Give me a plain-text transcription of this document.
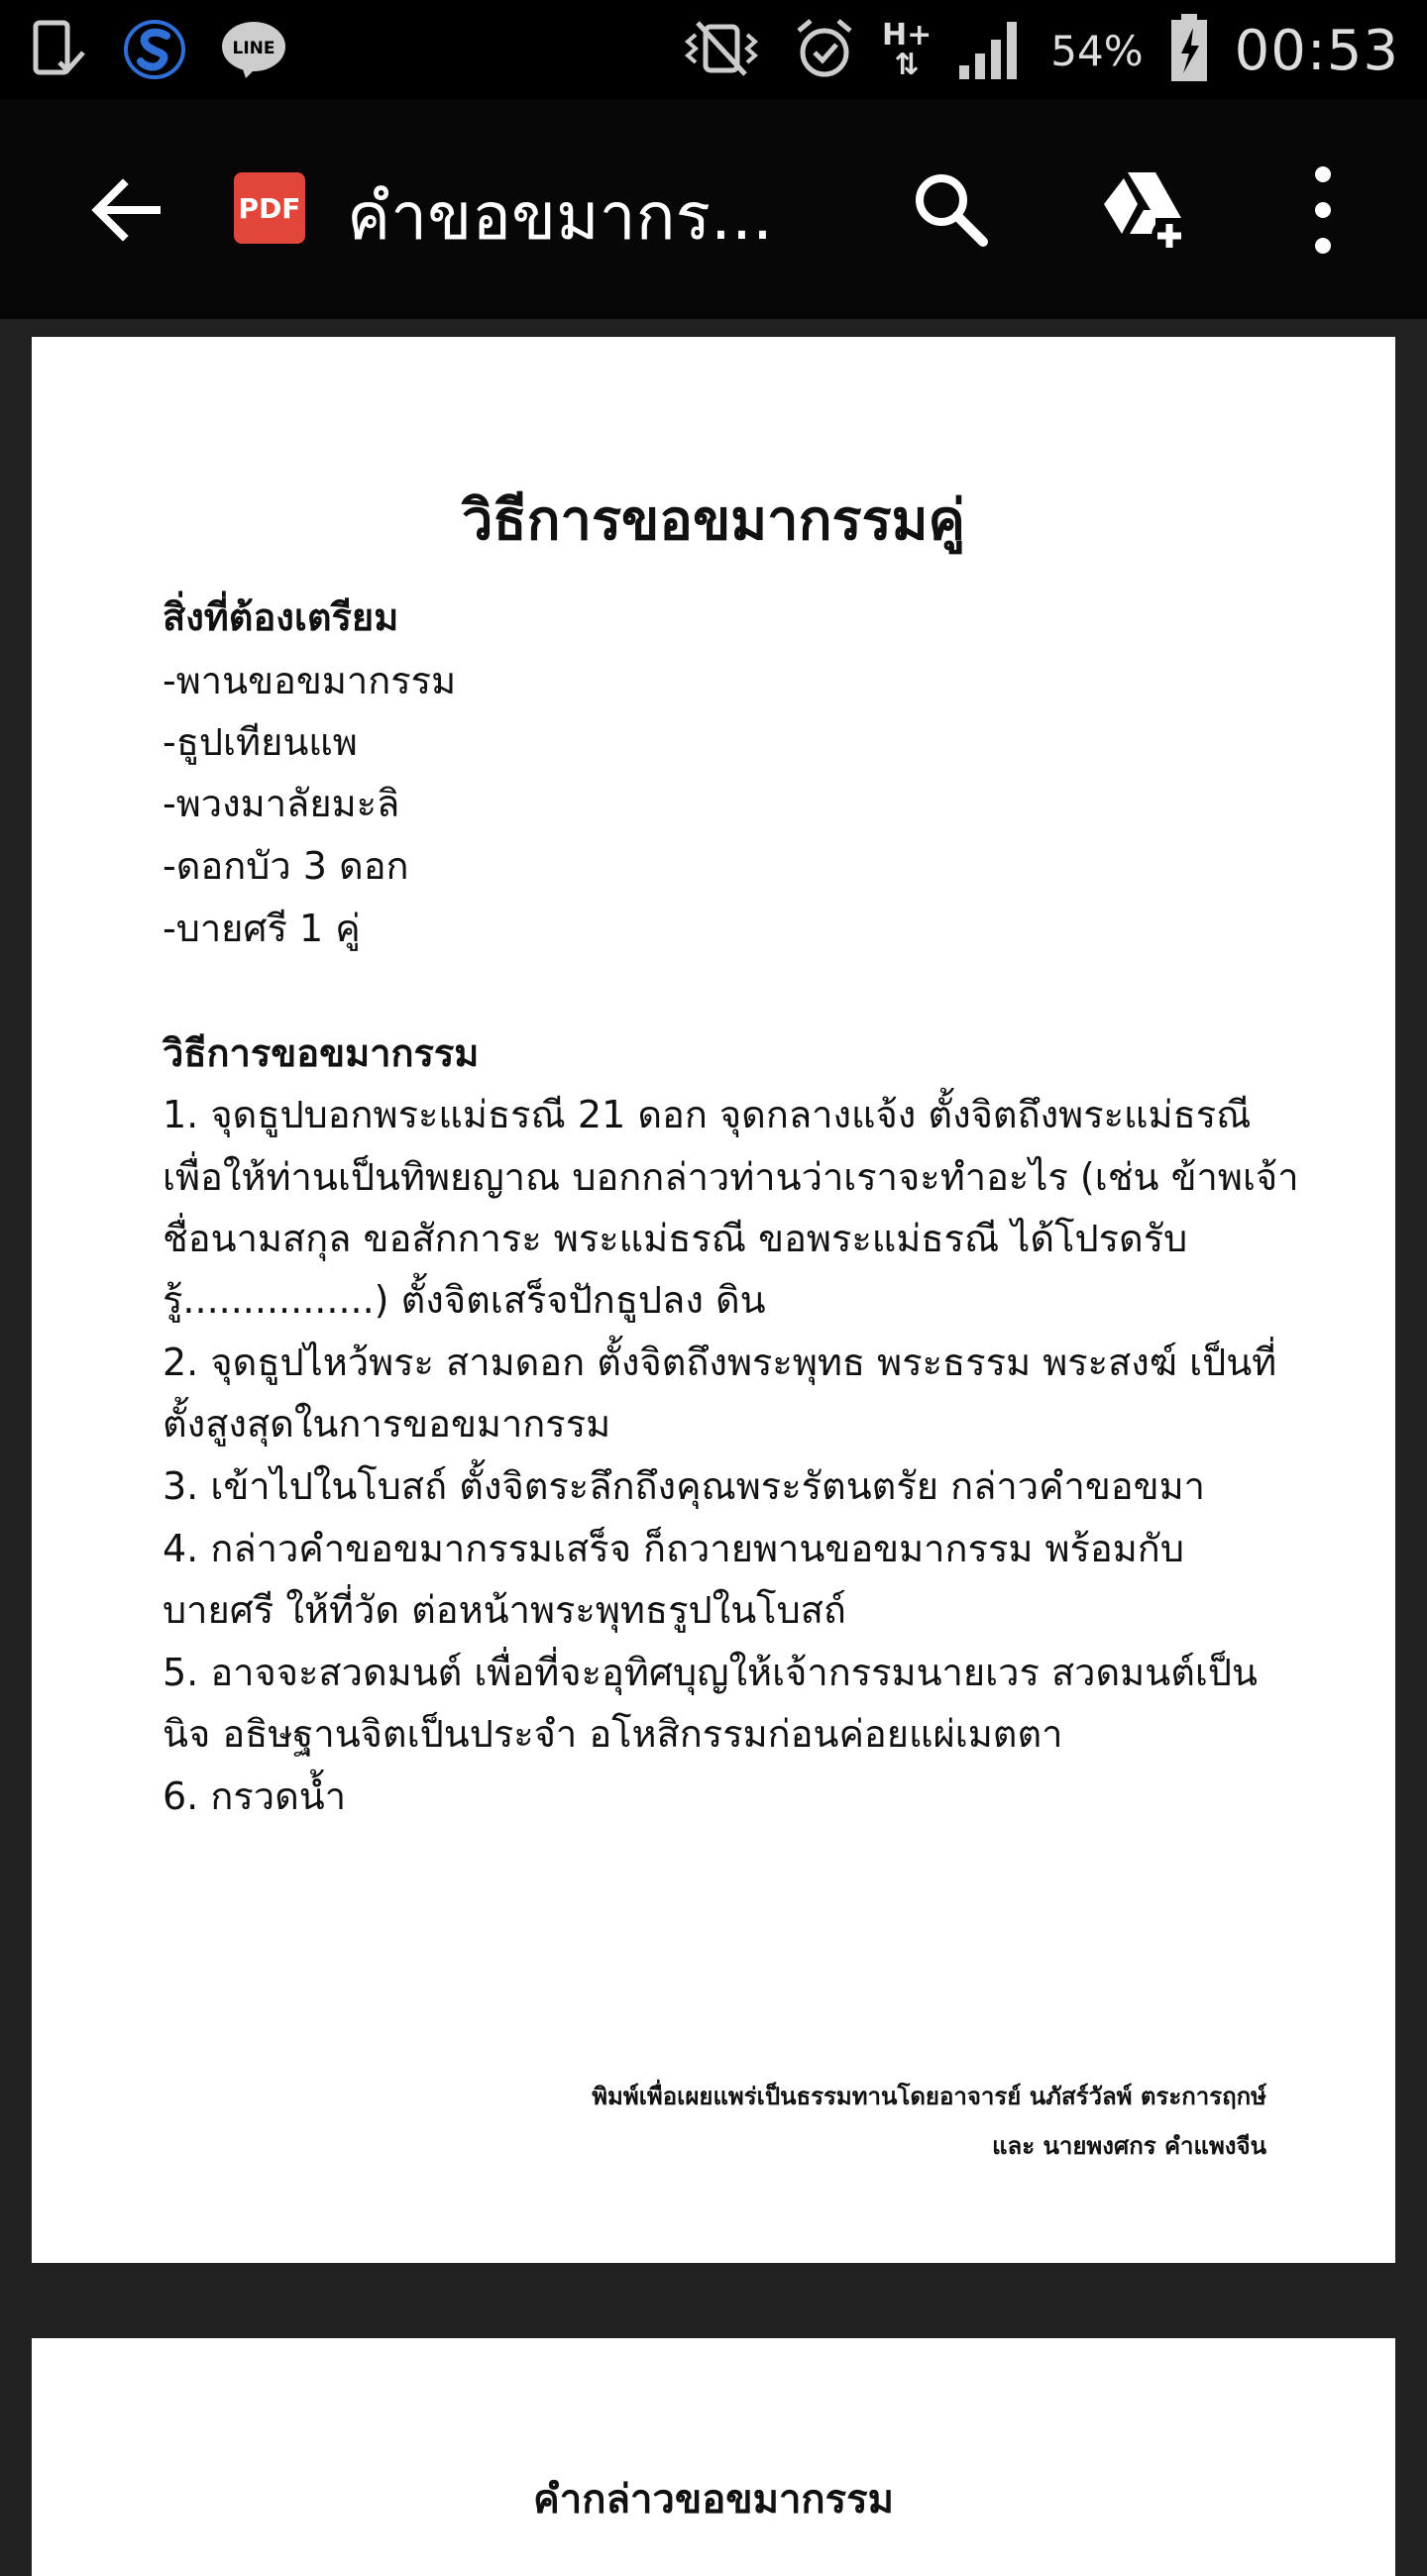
LINE	H+
⇅	54% 00:53
PDF คำขอขมากร...
วิธีการขอขมากรรมคู่
สิ่งที่ต้องเตรียม
-พานขอขมากรรม
-ธูปเทียนแพ
-พวงมาลัยมะลิ
-ดอกบัว 3 ดอก
-บายศรี 1 คู่
วิธีการขอขมากรรม
1. จุดธูปบอกพระแม่ธรณี 21 ดอก จุดกลางแจ้ง ตั้งจิตถึงพระแม่ธรณี
เพื่อให้ท่านเป็นทิพยญาณ บอกกล่าวท่านว่าเราจะทำอะไร (เช่น ข้าพเจ้า
ชื่อนามสกุล ขอสักการะ พระแม่ธรณี ขอพระแม่ธรณี ได้โปรดรับ
รู้................) ตั้งจิตเสร็จปักธูปลง ดิน
2. จุดธูปไหว้พระ สามดอก ตั้งจิตถึงพระพุทธ พระธรรม พระสงฆ์ เป็นที่
ตั้งสูงสุดในการขอขมากรรม
3. เข้าไปในโบสถ์ ตั้งจิตระลึกถึงคุณพระรัตนตรัย กล่าวคำขอขมา
4. กล่าวคำขอขมากรรมเสร็จ ก็ถวายพานขอขมากรรม พร้อมกับ
บายศรี ให้ที่วัด ต่อหน้าพระพุทธรูปในโบสถ์
5. อาจจะสวดมนต์ เพื่อที่จะอุทิศบุญให้เจ้ากรรมนายเวร สวดมนต์เป็น
นิจ อธิษฐานจิตเป็นประจำ อโหสิกรรมก่อนค่อยแผ่เมตตา
6. กรวดน้ำ
พิมพ์เพื่อเผยแพร่เป็นธรรมทานโดยอาจารย์ นภัสร์วัลพ์ ตระการฤกษ์
และ นายพงศกร คำแพงจีน
คำกล่าวขอขมากรรม
